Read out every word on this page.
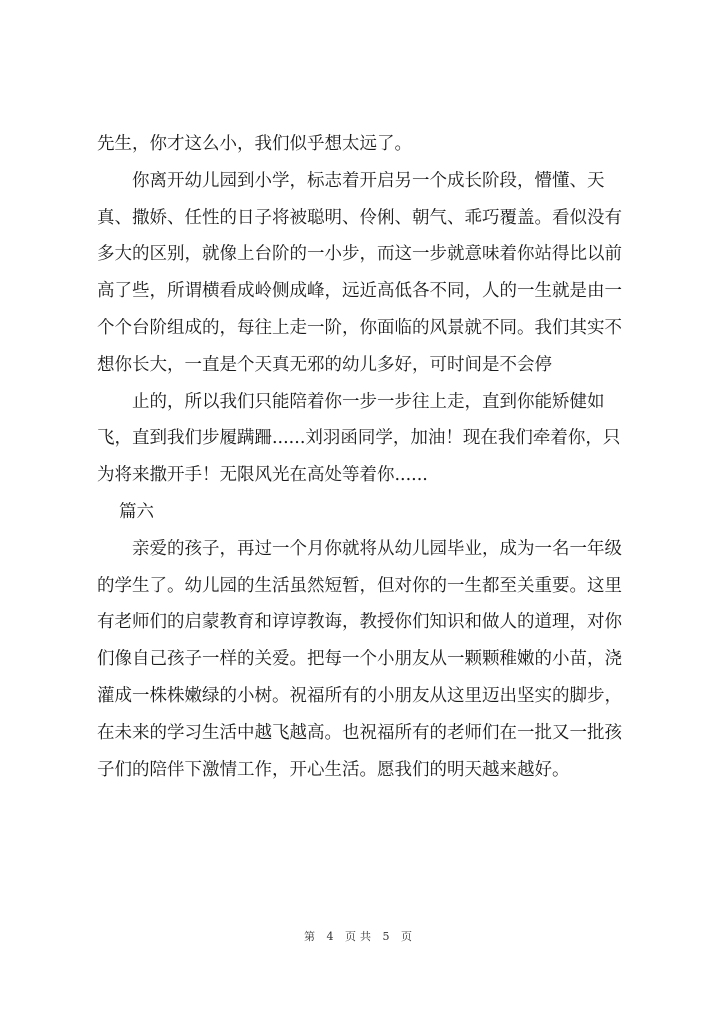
先生，你才这么小，我们似乎想太远了。

你离开幼儿园到小学，标志着开启另一个成长阶段，懵懂、天真、撒娇、任性的日子将被聪明、伶俐、朝气、乖巧覆盖。看似没有多大的区别，就像上台阶的一小步，而这一步就意味着你站得比以前高了些，所谓横看成岭侧成峰，远近高低各不同，人的一生就是由一个个台阶组成的，每往上走一阶，你面临的风景就不同。我们其实不想你长大，一直是个天真无邪的幼儿多好，可时间是不会停

止的，所以我们只能陪着你一步一步往上走，直到你能矫健如飞，直到我们步履蹒跚......刘羽函同学，加油！现在我们牵着你，只为将来撒开手！无限风光在高处等着你......

篇六

亲爱的孩子，再过一个月你就将从幼儿园毕业，成为一名一年级的学生了。幼儿园的生活虽然短暂，但对你的一生都至关重要。这里有老师们的启蒙教育和谆谆教诲，教授你们知识和做人的道理，对你们像自己孩子一样的关爱。把每一个小朋友从一颗颗稚嫩的小苗，浇灌成一株株嫩绿的小树。祝福所有的小朋友从这里迈出坚实的脚步，在未来的学习生活中越飞越高。也祝福所有的老师们在一批又一批孩子们的陪伴下激情工作，开心生活。愿我们的明天越来越好。

第 4 页共 5 页
